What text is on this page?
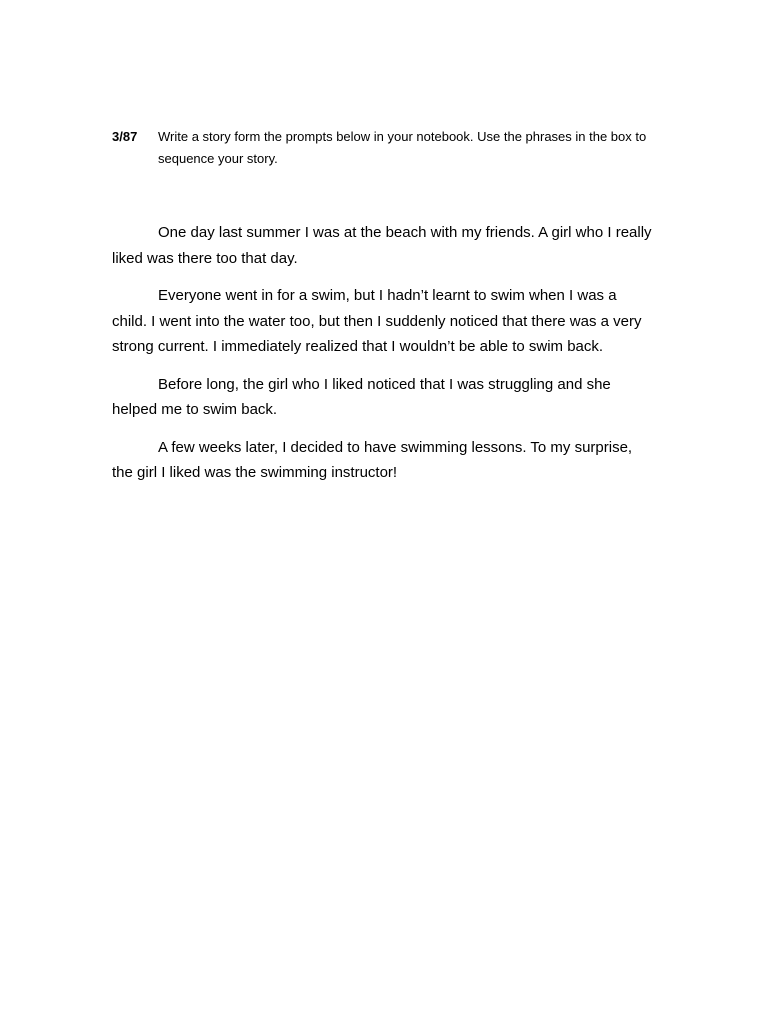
3/87	Write a story form the prompts below in your notebook. Use the phrases in the box to sequence your story.

One day last summer I was at the beach with my friends. A girl who I really liked was there too that day.

Everyone went in for a swim, but I hadn’t learnt to swim when I was a child. I went into the water too, but then I suddenly noticed that there was a very strong current. I immediately realized that I wouldn’t be able to swim back.

Before long, the girl who I liked noticed that I was struggling and she helped me to swim back.

A few weeks later, I decided to have swimming lessons. To my surprise, the girl I liked was the swimming instructor!
